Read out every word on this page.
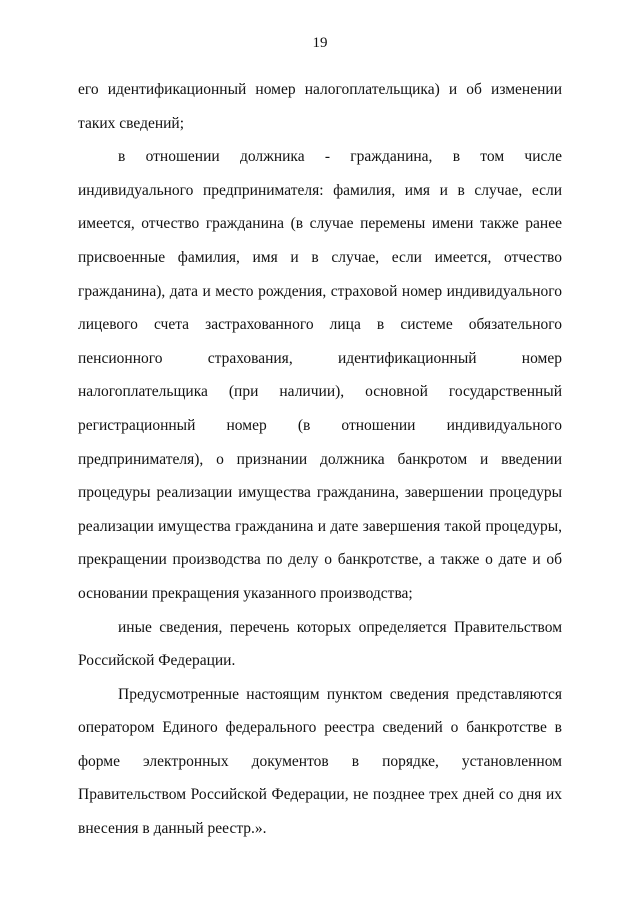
19

его идентификационный номер налогоплательщика) и об изменении таких сведений;

в отношении должника - гражданина, в том числе индивидуального предпринимателя: фамилия, имя и в случае, если имеется, отчество гражданина (в случае перемены имени также ранее присвоенные фамилия, имя и в случае, если имеется, отчество гражданина), дата и место рождения, страховой номер индивидуального лицевого счета застрахованного лица в системе обязательного пенсионного страхования, идентификационный номер налогоплательщика (при наличии), основной государственный регистрационный номер (в отношении индивидуального предпринимателя), о признании должника банкротом и введении процедуры реализации имущества гражданина, завершении процедуры реализации имущества гражданина и дате завершения такой процедуры, прекращении производства по делу о банкротстве, а также о дате и об основании прекращения указанного производства;

иные сведения, перечень которых определяется Правительством Российской Федерации.

Предусмотренные настоящим пунктом сведения представляются оператором Единого федерального реестра сведений о банкротстве в форме электронных документов в порядке, установленном Правительством Российской Федерации, не позднее трех дней со дня их внесения в данный реестр.».
